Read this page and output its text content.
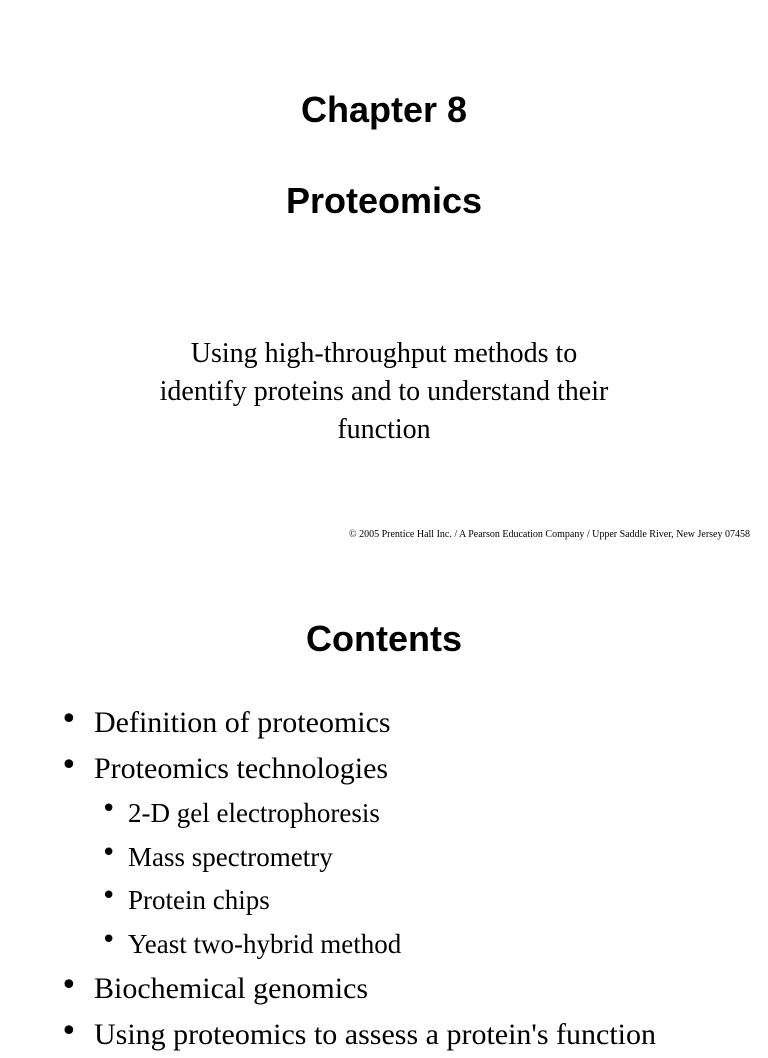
Chapter 8
Proteomics

Using high-throughput methods to
identify proteins and to understand their
function

© 2005 Prentice Hall Inc. / A Pearson Education Company / Upper Saddle River, New Jersey 07458
Contents
• Definition of proteomics
• Proteomics technologies
• 2-D gel electrophoresis
• Mass spectrometry
• Protein chips
• Yeast two-hybrid method
• Biochemical genomics
• Using proteomics to assess a protein's function
